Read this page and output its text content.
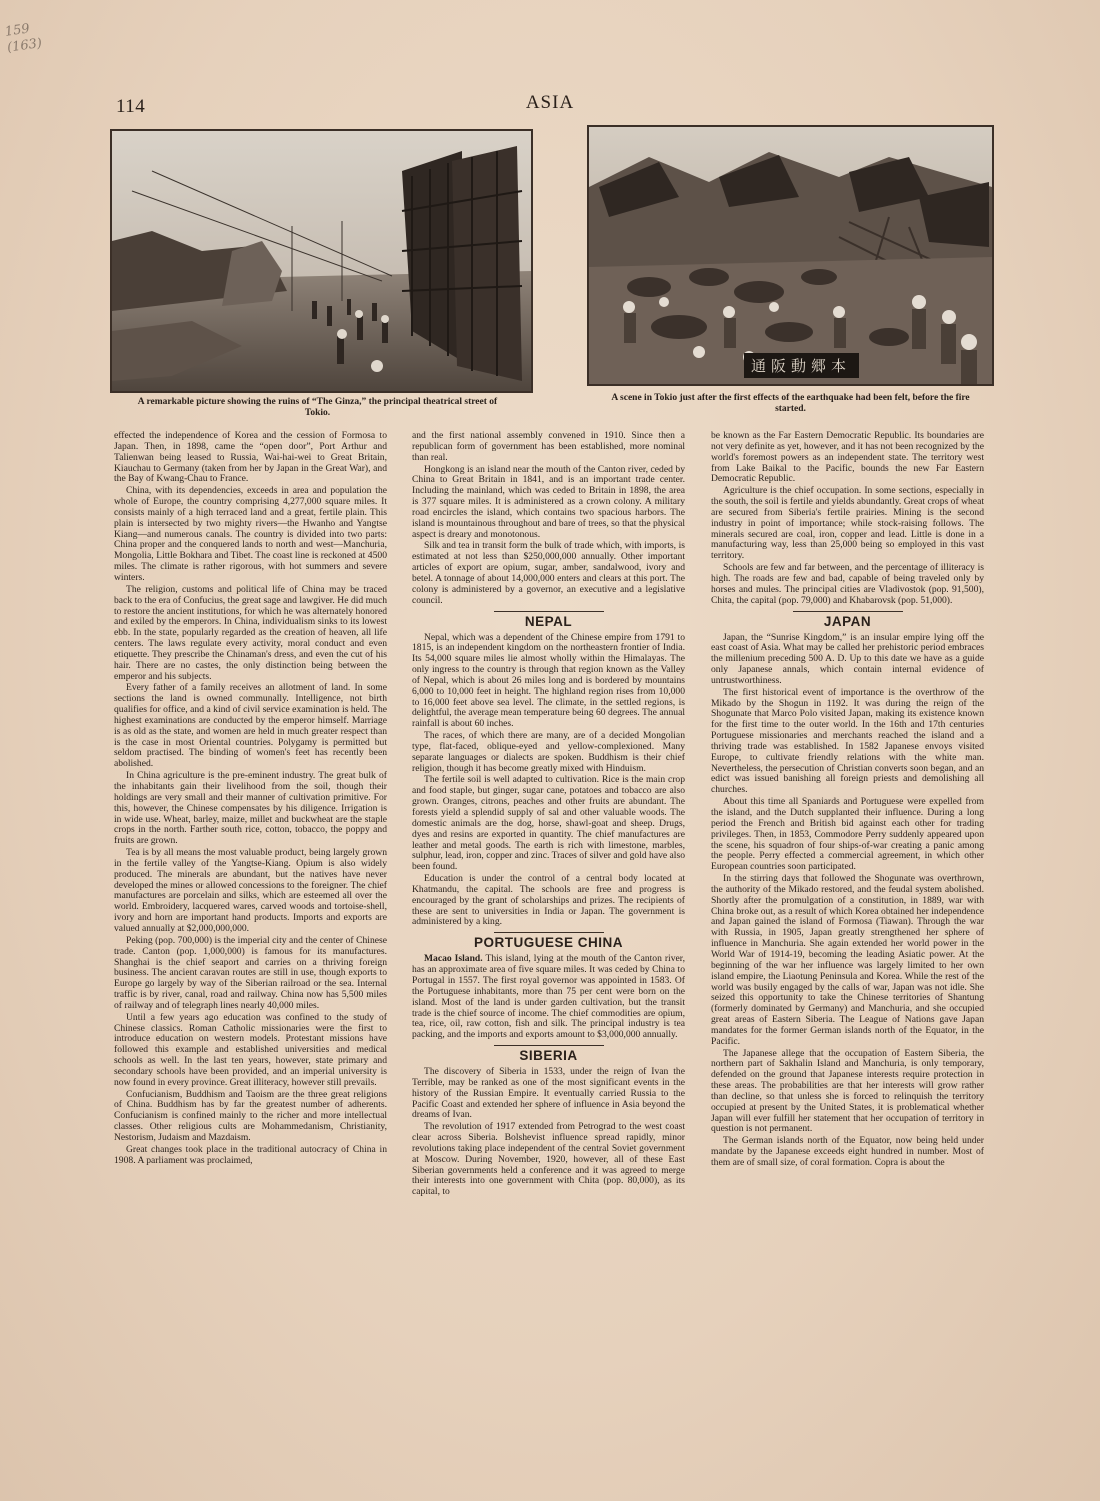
159 (163)
114	ASIA
A remarkable picture showing the ruins of “The Ginza,” the principal theatrical street of Tokio.
通阪動郷本
A scene in Tokio just after the first effects of the earthquake had been felt, before the fire started.

effected the independence of Korea and the cession of Formosa to Japan. Then, in 1898, came the “open door”, Port Arthur and Talienwan being leased to Russia, Wai-hai-wei to Great Britain, Kiauchau to Germany (taken from her by Japan in the Great War), and the Bay of Kwang-Chau to France.

China, with its dependencies, exceeds in area and population the whole of Europe, the country comprising 4,277,000 square miles. It consists mainly of a high terraced land and a great, fertile plain. This plain is intersected by two mighty rivers—the Hwanho and Yangtse Kiang—and numerous canals. The country is divided into two parts: China proper and the conquered lands to north and west—Manchuria, Mongolia, Little Bokhara and Tibet. The coast line is reckoned at 4500 miles. The climate is rather rigorous, with hot summers and severe winters.

The religion, customs and political life of China may be traced back to the era of Confucius, the great sage and lawgiver. He did much to restore the ancient institutions, for which he was alternately honored and exiled by the emperors. In China, individualism sinks to its lowest ebb. In the state, popularly regarded as the creation of heaven, all life centers. The laws regulate every activity, moral conduct and even etiquette. They prescribe the Chinaman's dress, and even the cut of his hair. There are no castes, the only distinction being between the emperor and his subjects.

Every father of a family receives an allotment of land. In some sections the land is owned communally. Intelligence, not birth qualifies for office, and a kind of civil service examination is held. The highest examinations are conducted by the emperor himself. Marriage is as old as the state, and women are held in much greater respect than is the case in most Oriental countries. Polygamy is permitted but seldom practised. The binding of women's feet has recently been abolished.

In China agriculture is the pre-eminent industry. The great bulk of the inhabitants gain their livelihood from the soil, though their holdings are very small and their manner of cultivation primitive. For this, however, the Chinese compensates by his diligence. Irrigation is in wide use. Wheat, barley, maize, millet and buckwheat are the staple crops in the north. Farther south rice, cotton, tobacco, the poppy and fruits are grown.

Tea is by all means the most valuable product, being largely grown in the fertile valley of the Yangtse-Kiang. Opium is also widely produced. The minerals are abundant, but the natives have never developed the mines or allowed concessions to the foreigner. The chief manufactures are porcelain and silks, which are esteemed all over the world. Embroidery, lacquered wares, carved woods and tortoise-shell, ivory and horn are important hand products. Imports and exports are valued annually at $2,000,000,000.

Peking (pop. 700,000) is the imperial city and the center of Chinese trade. Canton (pop. 1,000,000) is famous for its manufactures. Shanghai is the chief seaport and carries on a thriving foreign business. The ancient caravan routes are still in use, though exports to Europe go largely by way of the Siberian railroad or the sea. Internal traffic is by river, canal, road and railway. China now has 5,500 miles of railway and of telegraph lines nearly 40,000 miles.

Until a few years ago education was confined to the study of Chinese classics. Roman Catholic missionaries were the first to introduce education on western models. Protestant missions have followed this example and established universities and medical schools as well. In the last ten years, however, state primary and secondary schools have been provided, and an imperial university is now found in every province. Great illiteracy, however still prevails.

Confucianism, Buddhism and Taoism are the three great religions of China. Buddhism has by far the greatest number of adherents. Confucianism is confined mainly to the richer and more intellectual classes. Other religious cults are Mohammedanism, Christianity, Nestorism, Judaism and Mazdaism.

Great changes took place in the traditional autocracy of China in 1908. A parliament was proclaimed,

and the first national assembly convened in 1910. Since then a republican form of government has been established, more nominal than real.

Hongkong is an island near the mouth of the Canton river, ceded by China to Great Britain in 1841, and is an important trade center. Including the mainland, which was ceded to Britain in 1898, the area is 377 square miles. It is administered as a crown colony. A military road encircles the island, which contains two spacious harbors. The island is mountainous throughout and bare of trees, so that the physical aspect is dreary and monotonous.

Silk and tea in transit form the bulk of trade which, with imports, is estimated at not less than $250,000,000 annually. Other important articles of export are opium, sugar, amber, sandalwood, ivory and betel. A tonnage of about 14,000,000 enters and clears at this port. The colony is administered by a governor, an executive and a legislative council.

NEPAL

Nepal, which was a dependent of the Chinese empire from 1791 to 1815, is an independent kingdom on the northeastern frontier of India. Its 54,000 square miles lie almost wholly within the Himalayas. The only ingress to the country is through that region known as the Valley of Nepal, which is about 26 miles long and is bordered by mountains 6,000 to 10,000 feet in height. The highland region rises from 10,000 to 16,000 feet above sea level. The climate, in the settled regions, is delightful, the average mean temperature being 60 degrees. The annual rainfall is about 60 inches.

The races, of which there are many, are of a decided Mongolian type, flat-faced, oblique-eyed and yellow-complexioned. Many separate languages or dialects are spoken. Buddhism is their chief religion, though it has become greatly mixed with Hinduism.

The fertile soil is well adapted to cultivation. Rice is the main crop and food staple, but ginger, sugar cane, potatoes and tobacco are also grown. Oranges, citrons, peaches and other fruits are abundant. The forests yield a splendid supply of sal and other valuable woods. The domestic animals are the dog, horse, shawl-goat and sheep. Drugs, dyes and resins are exported in quantity. The chief manufactures are leather and metal goods. The earth is rich with limestone, marbles, sulphur, lead, iron, copper and zinc. Traces of silver and gold have also been found.

Education is under the control of a central body located at Khatmandu, the capital. The schools are free and progress is encouraged by the grant of scholarships and prizes. The recipients of these are sent to universities in India or Japan. The government is administered by a king.

PORTUGUESE CHINA

Macao Island. This island, lying at the mouth of the Canton river, has an approximate area of five square miles. It was ceded by China to Portugal in 1557. The first royal governor was appointed in 1583. Of the Portuguese inhabitants, more than 75 per cent were born on the island. Most of the land is under garden cultivation, but the transit trade is the chief source of income. The chief commodities are opium, tea, rice, oil, raw cotton, fish and silk. The principal industry is tea packing, and the imports and exports amount to $3,000,000 annually.

SIBERIA

The discovery of Siberia in 1533, under the reign of Ivan the Terrible, may be ranked as one of the most significant events in the history of the Russian Empire. It eventually carried Russia to the Pacific Coast and extended her sphere of influence in Asia beyond the dreams of Ivan.

The revolution of 1917 extended from Petrograd to the west coast clear across Siberia. Bolshevist influence spread rapidly, minor revolutions taking place independent of the central Soviet government at Moscow. During November, 1920, however, all of these East Siberian governments held a conference and it was agreed to merge their interests into one government with Chita (pop. 80,000), as its capital, to

be known as the Far Eastern Democratic Republic. Its boundaries are not very definite as yet, however, and it has not been recognized by the world's foremost powers as an independent state. The territory west from Lake Baikal to the Pacific, bounds the new Far Eastern Democratic Republic.

Agriculture is the chief occupation. In some sections, especially in the south, the soil is fertile and yields abundantly. Great crops of wheat are secured from Siberia's fertile prairies. Mining is the second industry in point of importance; while stock-raising follows. The minerals secured are coal, iron, copper and lead. Little is done in a manufacturing way, less than 25,000 being so employed in this vast territory.

Schools are few and far between, and the percentage of illiteracy is high. The roads are few and bad, capable of being traveled only by horses and mules. The principal cities are Vladivostok (pop. 91,500), Chita, the capital (pop. 79,000) and Khabarovsk (pop. 51,000).

JAPAN

Japan, the “Sunrise Kingdom,” is an insular empire lying off the east coast of Asia. What may be called her prehistoric period embraces the millenium preceding 500 A. D. Up to this date we have as a guide only Japanese annals, which contain internal evidence of untrustworthiness.

The first historical event of importance is the overthrow of the Mikado by the Shogun in 1192. It was during the reign of the Shogunate that Marco Polo visited Japan, making its existence known for the first time to the outer world. In the 16th and 17th centuries Portuguese missionaries and merchants reached the island and a thriving trade was established. In 1582 Japanese envoys visited Europe, to cultivate friendly relations with the white man. Nevertheless, the persecution of Christian converts soon began, and an edict was issued banishing all foreign priests and demolishing all churches.

About this time all Spaniards and Portuguese were expelled from the island, and the Dutch supplanted their influence. During a long period the French and British bid against each other for trading privileges. Then, in 1853, Commodore Perry suddenly appeared upon the scene, his squadron of four ships-of-war creating a panic among the people. Perry effected a commercial agreement, in which other European countries soon participated.

In the stirring days that followed the Shogunate was overthrown, the authority of the Mikado restored, and the feudal system abolished. Shortly after the promulgation of a constitution, in 1889, war with China broke out, as a result of which Korea obtained her independence and Japan gained the island of Formosa (Tiawan). Through the war with Russia, in 1905, Japan greatly strengthened her sphere of influence in Manchuria. She again extended her world power in the World War of 1914-19, becoming the leading Asiatic power. At the beginning of the war her influence was largely limited to her own island empire, the Liaotung Peninsula and Korea. While the rest of the world was busily engaged by the calls of war, Japan was not idle. She seized this opportunity to take the Chinese territories of Shantung (formerly dominated by Germany) and Manchuria, and she occupied great areas of Eastern Siberia. The League of Nations gave Japan mandates for the former German islands north of the Equator, in the Pacific.

The Japanese allege that the occupation of Eastern Siberia, the northern part of Sakhalin Island and Manchuria, is only temporary, defended on the ground that Japanese interests require protection in these areas. The probabilities are that her interests will grow rather than decline, so that unless she is forced to relinquish the territory occupied at present by the United States, it is problematical whether Japan will ever fulfill her statement that her occupation of territory in question is not permanent.

The German islands north of the Equator, now being held under mandate by the Japanese exceeds eight hundred in number. Most of them are of small size, of coral formation. Copra is about the
